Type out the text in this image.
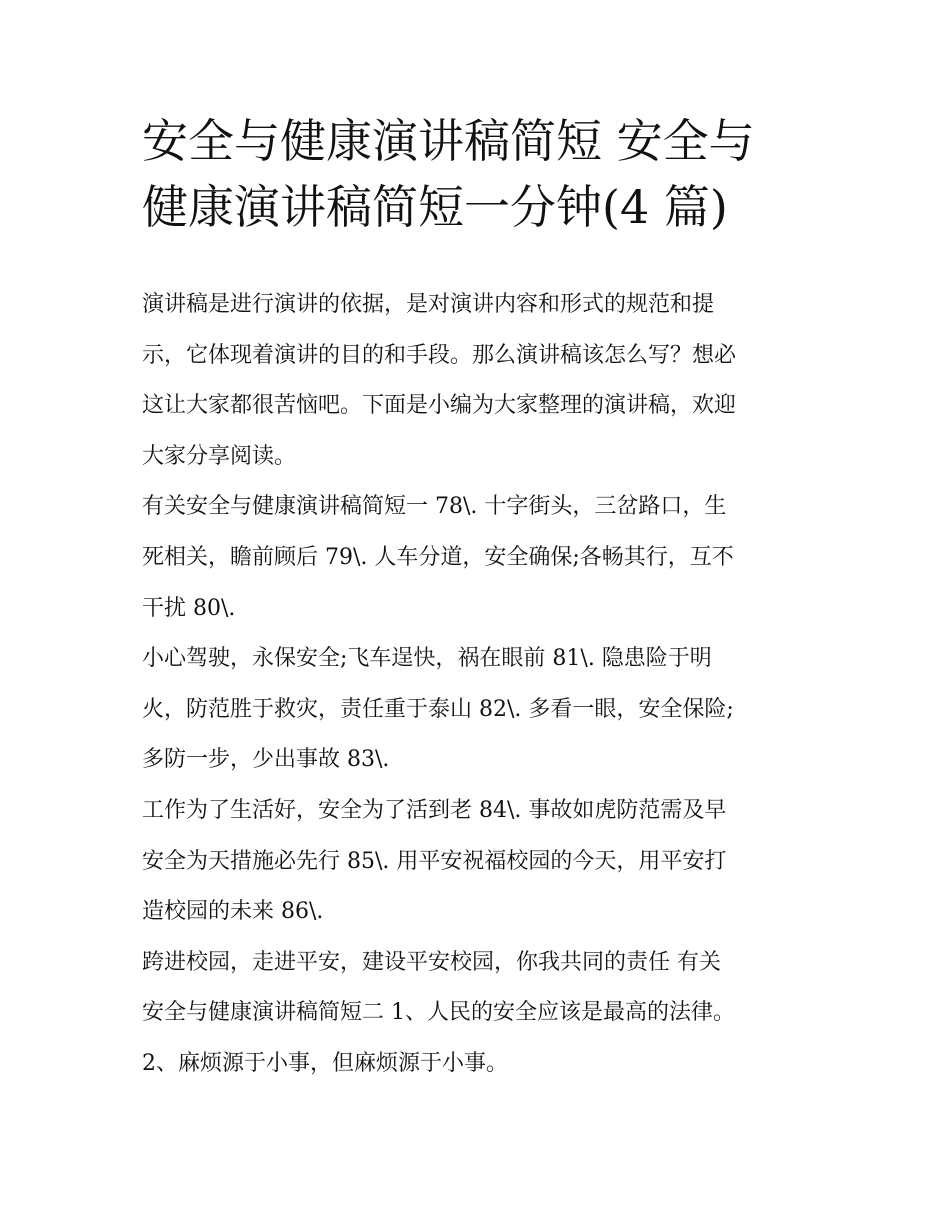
安全与健康演讲稿简短 安全与
健康演讲稿简短一分钟(4 篇)
演讲稿是进行演讲的依据，是对演讲内容和形式的规范和提
示，它体现着演讲的目的和手段。那么演讲稿该怎么写？想必
这让大家都很苦恼吧。下面是小编为大家整理的演讲稿，欢迎
大家分享阅读。
有关安全与健康演讲稿简短一 78\. 十字街头，三岔路口，生
死相关，瞻前顾后 79\. 人车分道，安全确保;各畅其行，互不
干扰 80\.
小心驾驶，永保安全;飞车逞快，祸在眼前 81\. 隐患险于明
火，防范胜于救灾，责任重于泰山 82\. 多看一眼，安全保险;
多防一步，少出事故 83\.
工作为了生活好，安全为了活到老 84\. 事故如虎防范需及早
安全为天措施必先行 85\. 用平安祝福校园的今天，用平安打
造校园的未来 86\.
跨进校园，走进平安，建设平安校园，你我共同的责任 有关
安全与健康演讲稿简短二 1、人民的安全应该是最高的法律。
2、麻烦源于小事，但麻烦源于小事。
